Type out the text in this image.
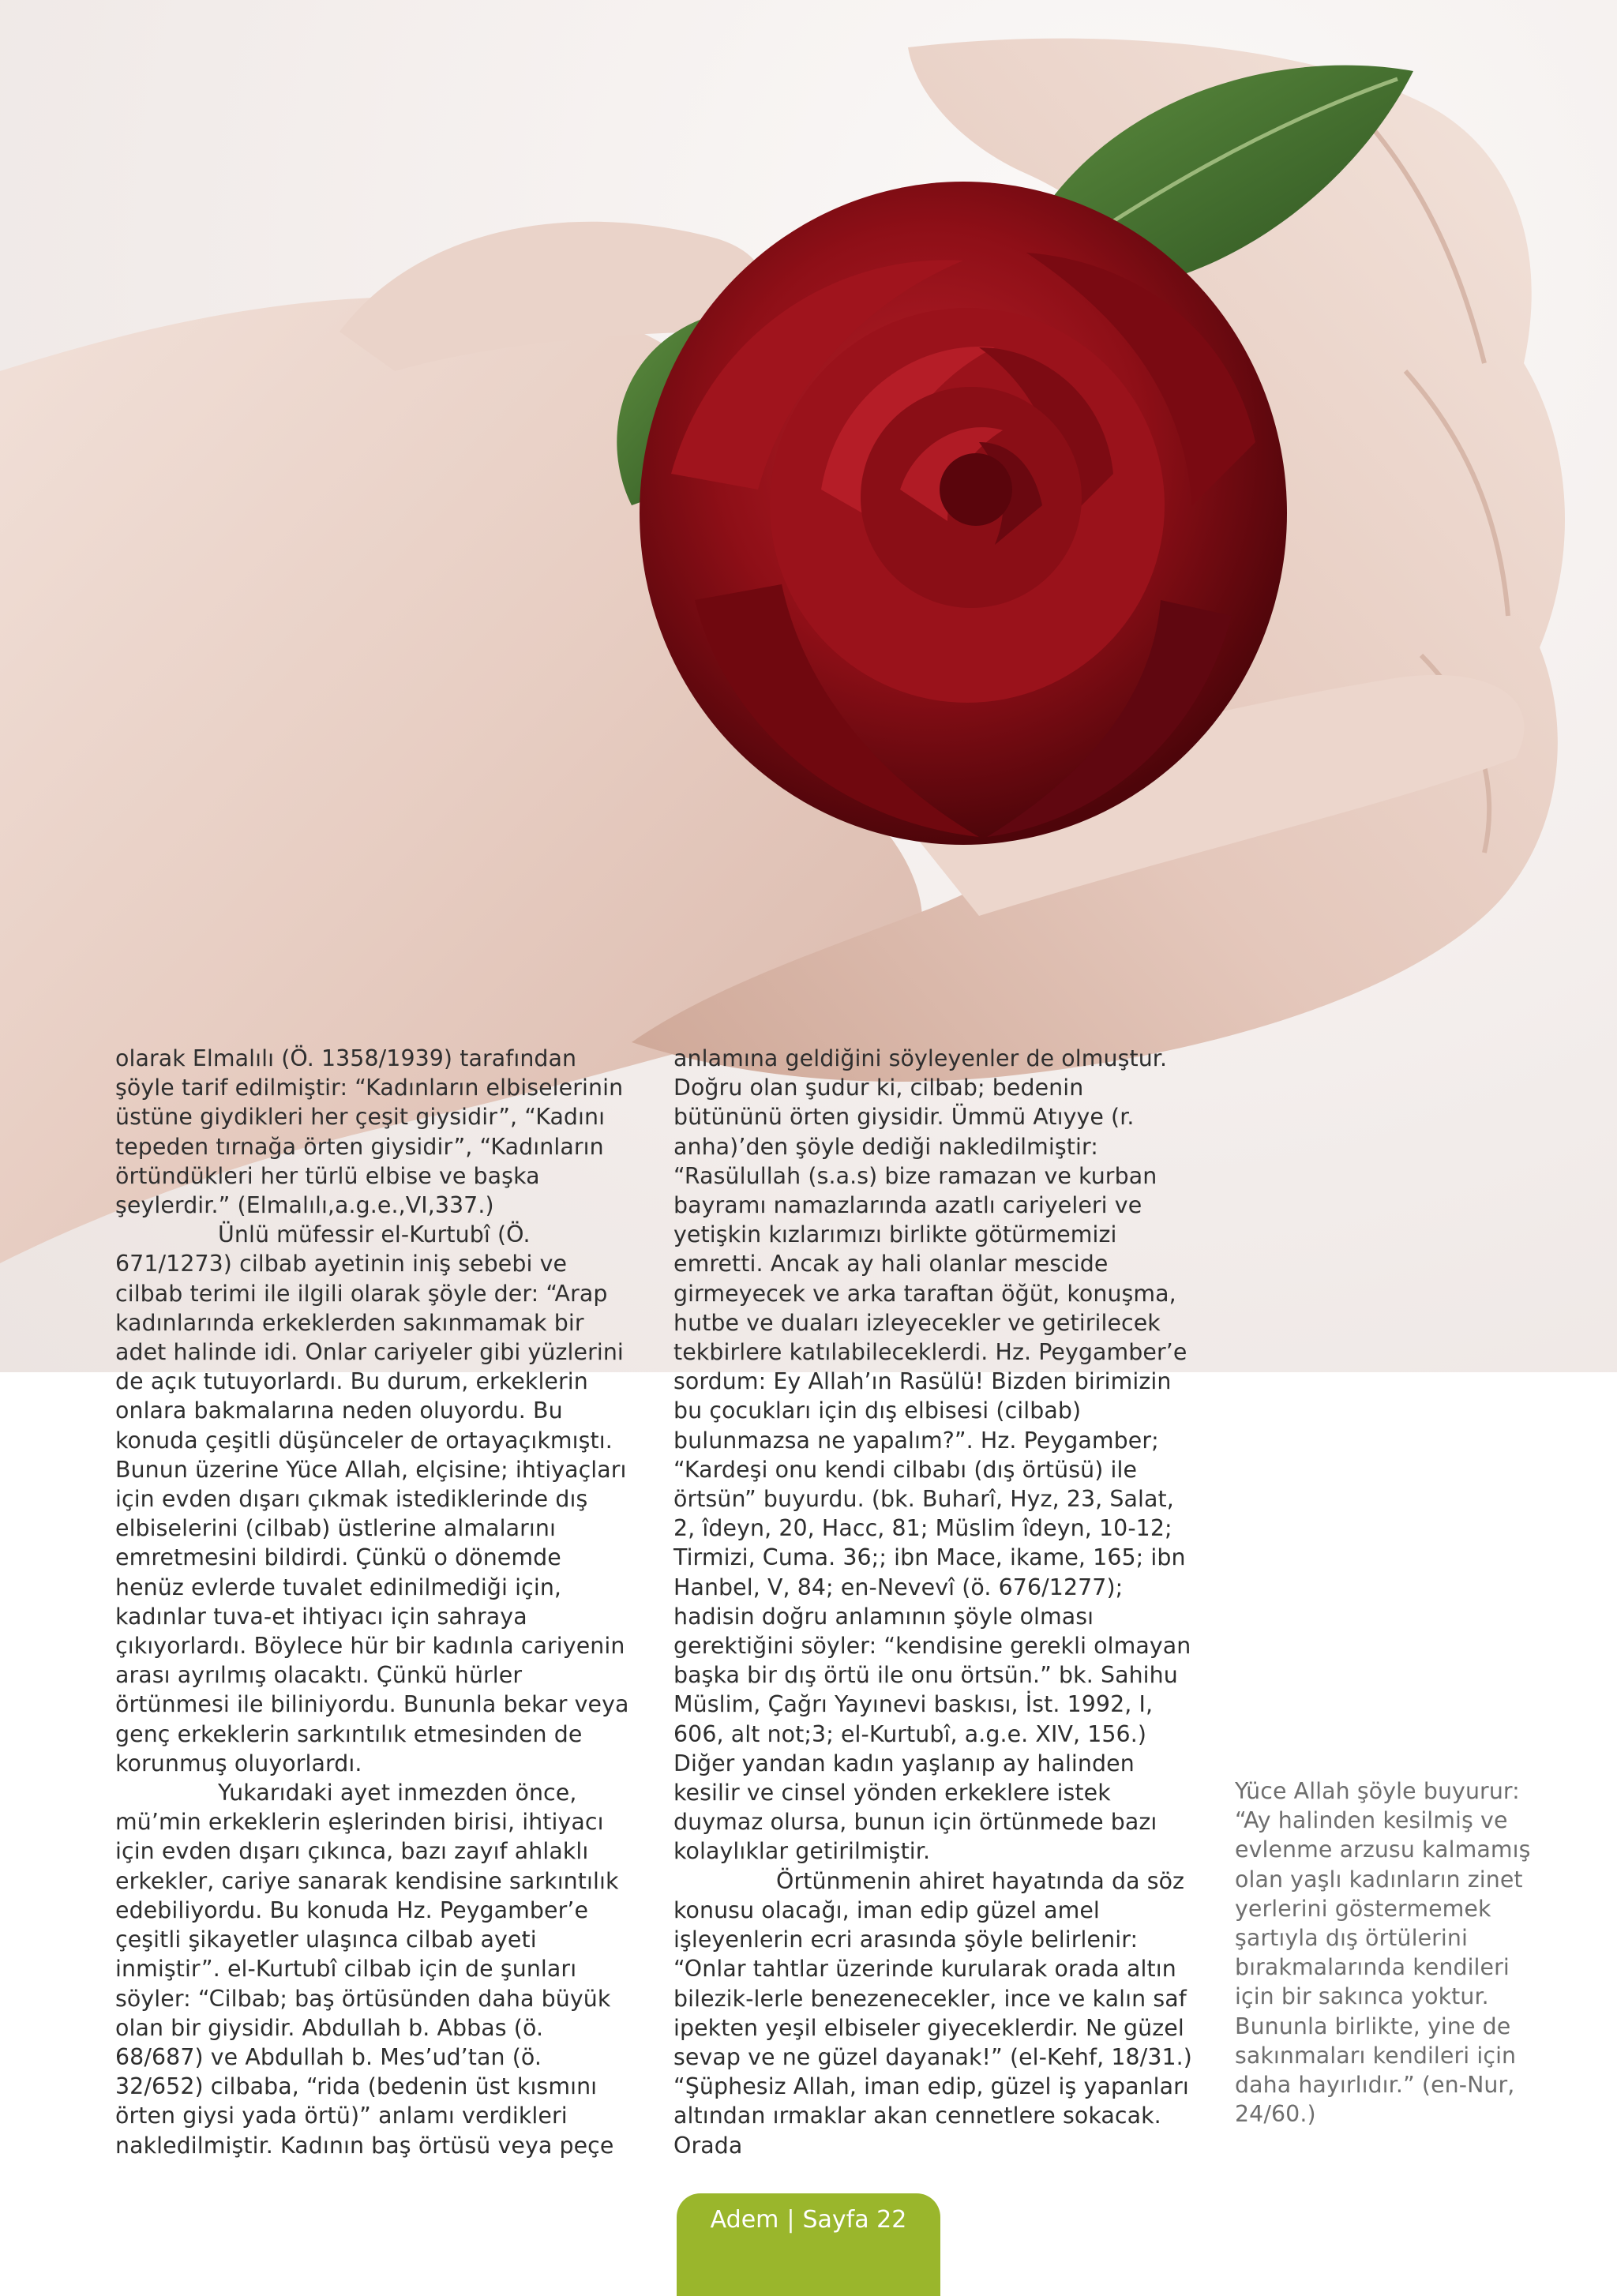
olarak Elmalılı (Ö. 1358/1939) tarafından şöyle tarif edilmiştir: “Kadınların elbiselerinin üstüne giydikleri her çeşit giysidir”, “Kadını tepeden tırnağa örten giysidir”, “Kadınların örtündükleri her türlü elbise ve başka şeylerdir.” (Elmalılı,a.g.e.,VI,337.)

Ünlü müfessir el-Kurtubî (Ö. 671/1273) cilbab ayetinin iniş sebebi ve cilbab terimi ile ilgili olarak şöyle der: “Arap kadınlarında erkeklerden sakınmamak bir adet halinde idi. Onlar cariyeler gibi yüzlerini de açık tutuyorlardı. Bu durum, erkeklerin onlara bakmalarına neden oluyordu. Bu konuda çeşitli düşünceler de ortayaçıkmıştı. Bunun üzerine Yüce Allah, elçisine; ihtiyaçları için evden dışarı çıkmak istediklerinde dış elbiselerini (cilbab) üstlerine almalarını emretmesini bildirdi. Çünkü o dönemde henüz evlerde tuvalet edinilmediği için, kadınlar tuva-et ihtiyacı için sahraya çıkıyorlardı. Böylece hür bir kadınla cariyenin arası ayrılmış olacaktı. Çünkü hürler örtünmesi ile biliniyordu. Bununla bekar veya genç erkeklerin sarkıntılık etmesinden de korunmuş oluyorlardı.

Yukarıdaki ayet inmezden önce, mü’min erkeklerin eşlerinden birisi, ihtiyacı için evden dışarı çıkınca, bazı zayıf ahlaklı erkekler, cariye sanarak kendisine sarkıntılık edebiliyordu. Bu konuda Hz. Peygamber’e çeşitli şikayetler ulaşınca cilbab ayeti inmiştir”. el-Kurtubî cilbab için de şunları söyler: “Cilbab; baş örtüsünden daha büyük olan bir giysidir. Abdullah b. Abbas (ö. 68/687) ve Abdullah b. Mes’ud’tan (ö. 32/652) cilbaba, “rida (bedenin üst kısmını örten giysi yada örtü)” anlamı verdikleri nakledilmiştir. Kadının baş örtüsü veya peçe

anlamına geldiğini söyleyenler de olmuştur. Doğru olan şudur ki, cilbab; bedenin bütününü örten giysidir. Ümmü Atıyye (r. anha)’den şöyle dediği nakledilmiştir: “Rasülullah (s.a.s) bize ramazan ve kurban bayramı namazlarında azatlı cariyeleri ve yetişkin kızlarımızı birlikte götürmemizi emretti. Ancak ay hali olanlar mescide girmeyecek ve arka taraftan öğüt, konuşma, hutbe ve duaları izleyecekler ve getirilecek tekbirlere katılabileceklerdi. Hz. Peygamber’e sordum: Ey Allah’ın Rasülü! Bizden birimizin bu çocukları için dış elbisesi (cilbab) bulunmazsa ne yapalım?”. Hz. Peygamber; “Kardeşi onu kendi cilbabı (dış örtüsü) ile örtsün” buyurdu. (bk. Buharî, Hyz, 23, Salat, 2, îdeyn, 20, Hacc, 81; Müslim îdeyn, 10-12; Tirmizi, Cuma. 36;; ibn Mace, ikame, 165; ibn Hanbel, V, 84; en-Nevevî (ö. 676/1277); hadisin doğru anlamının şöyle olması gerektiğini söyler: “kendisine gerekli olmayan başka bir dış örtü ile onu örtsün.” bk. Sahihu Müslim, Çağrı Yayınevi baskısı, İst. 1992, I, 606, alt not;3; el-Kurtubî, a.g.e. XIV, 156.) Diğer yandan kadın yaşlanıp ay halinden kesilir ve cinsel yönden erkeklere istek duymaz olursa, bunun için örtünmede bazı kolaylıklar getirilmiştir.

Örtünmenin ahiret hayatında da söz konusu olacağı, iman edip güzel amel işleyenlerin ecri arasında şöyle belirlenir: “Onlar tahtlar üzerinde kurularak orada altın bilezik-lerle benezenecekler, ince ve kalın saf ipekten yeşil elbiseler giyeceklerdir. Ne güzel sevap ve ne güzel dayanak!” (el-Kehf, 18/31.) “Şüphesiz Allah, iman edip, güzel iş yapanları altından ırmaklar akan cennetlere sokacak. Orada

Yüce Allah şöyle buyurur: “Ay halinden kesilmiş ve evlenme arzusu kalmamış olan yaşlı kadınların zinet yerlerini göstermemek şartıyla dış örtülerini bırakmalarında kendileri için bir sakınca yoktur. Bununla birlikte, yine de sakınmaları kendileri için daha hayırlıdır.” (en-Nur, 24/60.)

Adem | Sayfa 22
